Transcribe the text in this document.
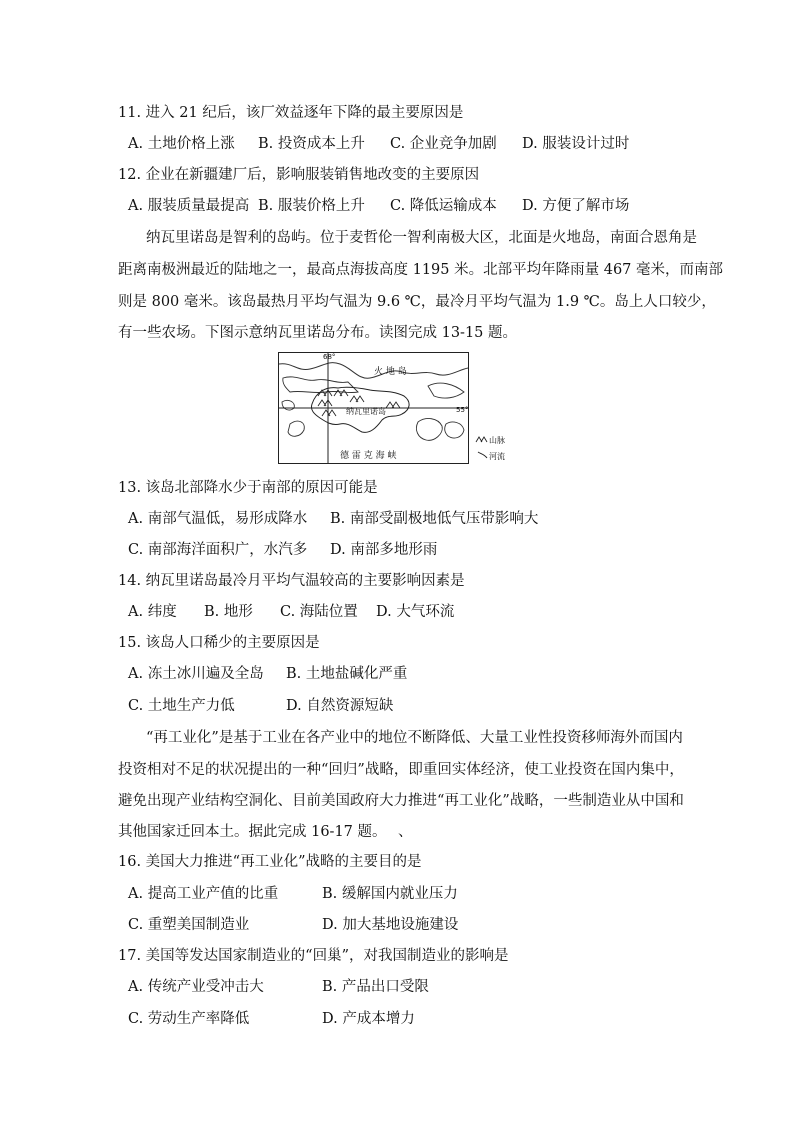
11. 进入 21 纪后，该厂效益逐年下降的最主要原因是
A. 土地价格上涨 B. 投资成本上升 C. 企业竞争加剧 D. 服装设计过时
12. 企业在新疆建厂后，影响服装销售地改变的主要原因
A. 服装质量最提高 B. 服装价格上升 C. 降低运输成本 D. 方便了解市场
纳瓦里诺岛是智利的岛屿。位于麦哲伦一智利南极大区，北面是火地岛，南面合恩角是
距离南极洲最近的陆地之一，最高点海拔高度 1195 米。北部平均年降雨量 467 毫米，而南部
则是 800 毫米。该岛最热月平均气温为 9.6 ℃，最冷月平均气温为 1.9 ℃。岛上人口较少，
有一些农场。下图示意纳瓦里诺岛分布。读图完成 13-15 题。
68°
55°
火 地 岛
纳瓦里诺岛
德 雷 克 海 峡
山脉
河流
13. 该岛北部降水少于南部的原因可能是
A. 南部气温低，易形成降水 B. 南部受副极地低气压带影响大
C. 南部海洋面积广，水汽多 D. 南部多地形雨
14. 纳瓦里诺岛最冷月平均气温较高的主要影响因素是
A. 纬度 B. 地形 C. 海陆位置 D. 大气环流
15. 该岛人口稀少的主要原因是
A. 冻土冰川遍及全岛 B. 土地盐碱化严重
C. 土地生产力低	D. 自然资源短缺
“再工业化”是基于工业在各产业中的地位不断降低、大量工业性投资移师海外而国内
投资相对不足的状况提出的一种“回归”战略，即重回实体经济，使工业投资在国内集中，
避免出现产业结构空洞化、目前美国政府大力推进“再工业化”战略，一些制造业从中国和
其他国家迁回本土。据此完成 16-17 题。 、
16. 美国大力推进“再工业化”战略的主要目的是
A. 提高工业产值的比重	B. 缓解国内就业压力
C. 重塑美国制造业	D. 加大基地设施建设
17. 美国等发达国家制造业的“回巢”，对我国制造业的影响是
A. 传统产业受冲击大	B. 产品出口受限
C. 劳动生产率降低	D. 产成本增力
